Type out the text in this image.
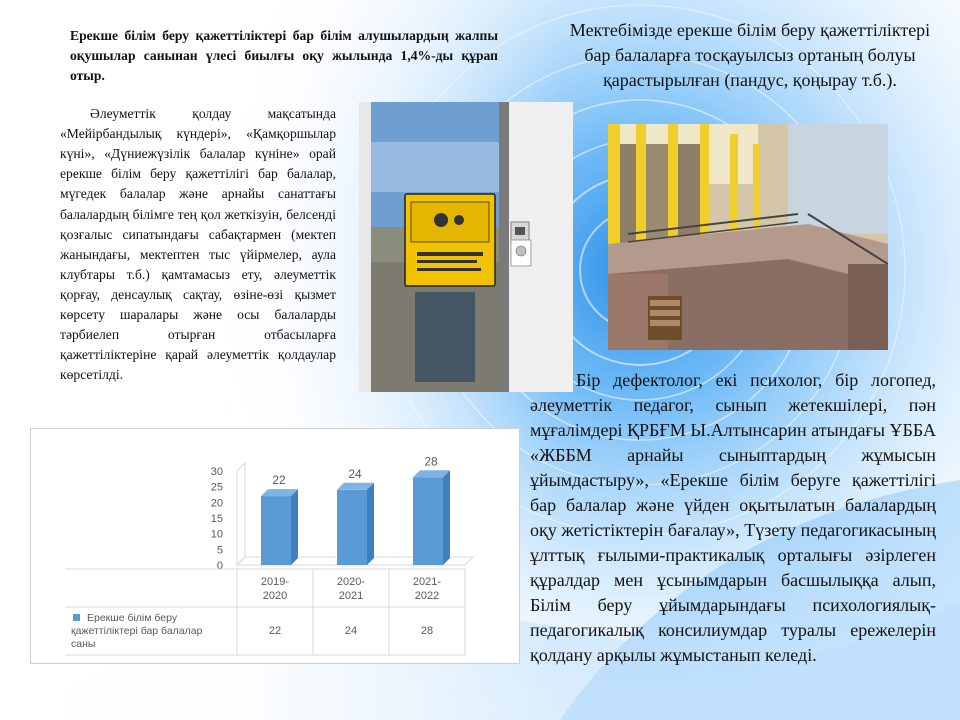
Ерекше білім беру қажеттіліктері бар білім алушылардың жалпы оқушылар санынан үлесі биылғы оқу жылында 1,4%-ды құрап отыр.
Әлеуметтік қолдау мақсатында «Мейірбандылық күндері», «Қамқоршылар күні», «Дүниежүзілік балалар күніне» орай ерекше білім беру қажеттілігі бар балалар, мүгедек балалар және арнайы санаттағы балалардың білімге тең қол жеткізуін, белсенді қозғалыс сипатындағы сабақтармен (мектеп жанындағы, мектептен тыс үйірмелер, аула клубтары т.б.) қамтамасыз ету, әлеуметтік қорғау, денсаулық сақтау, өзіне-өзі қызмет көрсету шаралары және осы балаларды тәрбиелеп отырған отбасыларға қажеттіліктеріне қарай әлеуметтік қолдаулар көрсетілді.
Мектебімізде ерекше білім беру қажеттіліктері бар балаларға тосқауылсыз ортаның болуы қарастырылған (пандус, қоңырау т.б.).
Бір дефектолог, екі психолог, бір логопед, әлеуметтік педагог, сынып жетекшілері, пән мұғалімдері ҚРБҒМ Ы.Алтынсарин атындағы ҰББА «ЖББМ арнайы сыныптардың жұмысын ұйымдастыру», «Ерекше білім беруге қажеттілігі бар балалар және үйден оқытылатын балалардың оқу жетістіктерін бағалау», Түзету педагогикасының ұлттық ғылыми-практикалық орталығы әзірлеген құралдар мен ұсынымдарын басшылыққа алып, Білім беру ұйымдарындағы психологиялық-педагогикалық консилиумдар туралы ережелерін қолдану арқылы жұмыстанып келеді.
0
5
10
15
20
25
30
22	24
28
2019-2020
22
2020-2021
24
2021-2022
28
Ерекше білім беру қажеттіліктері бар балалар саны
